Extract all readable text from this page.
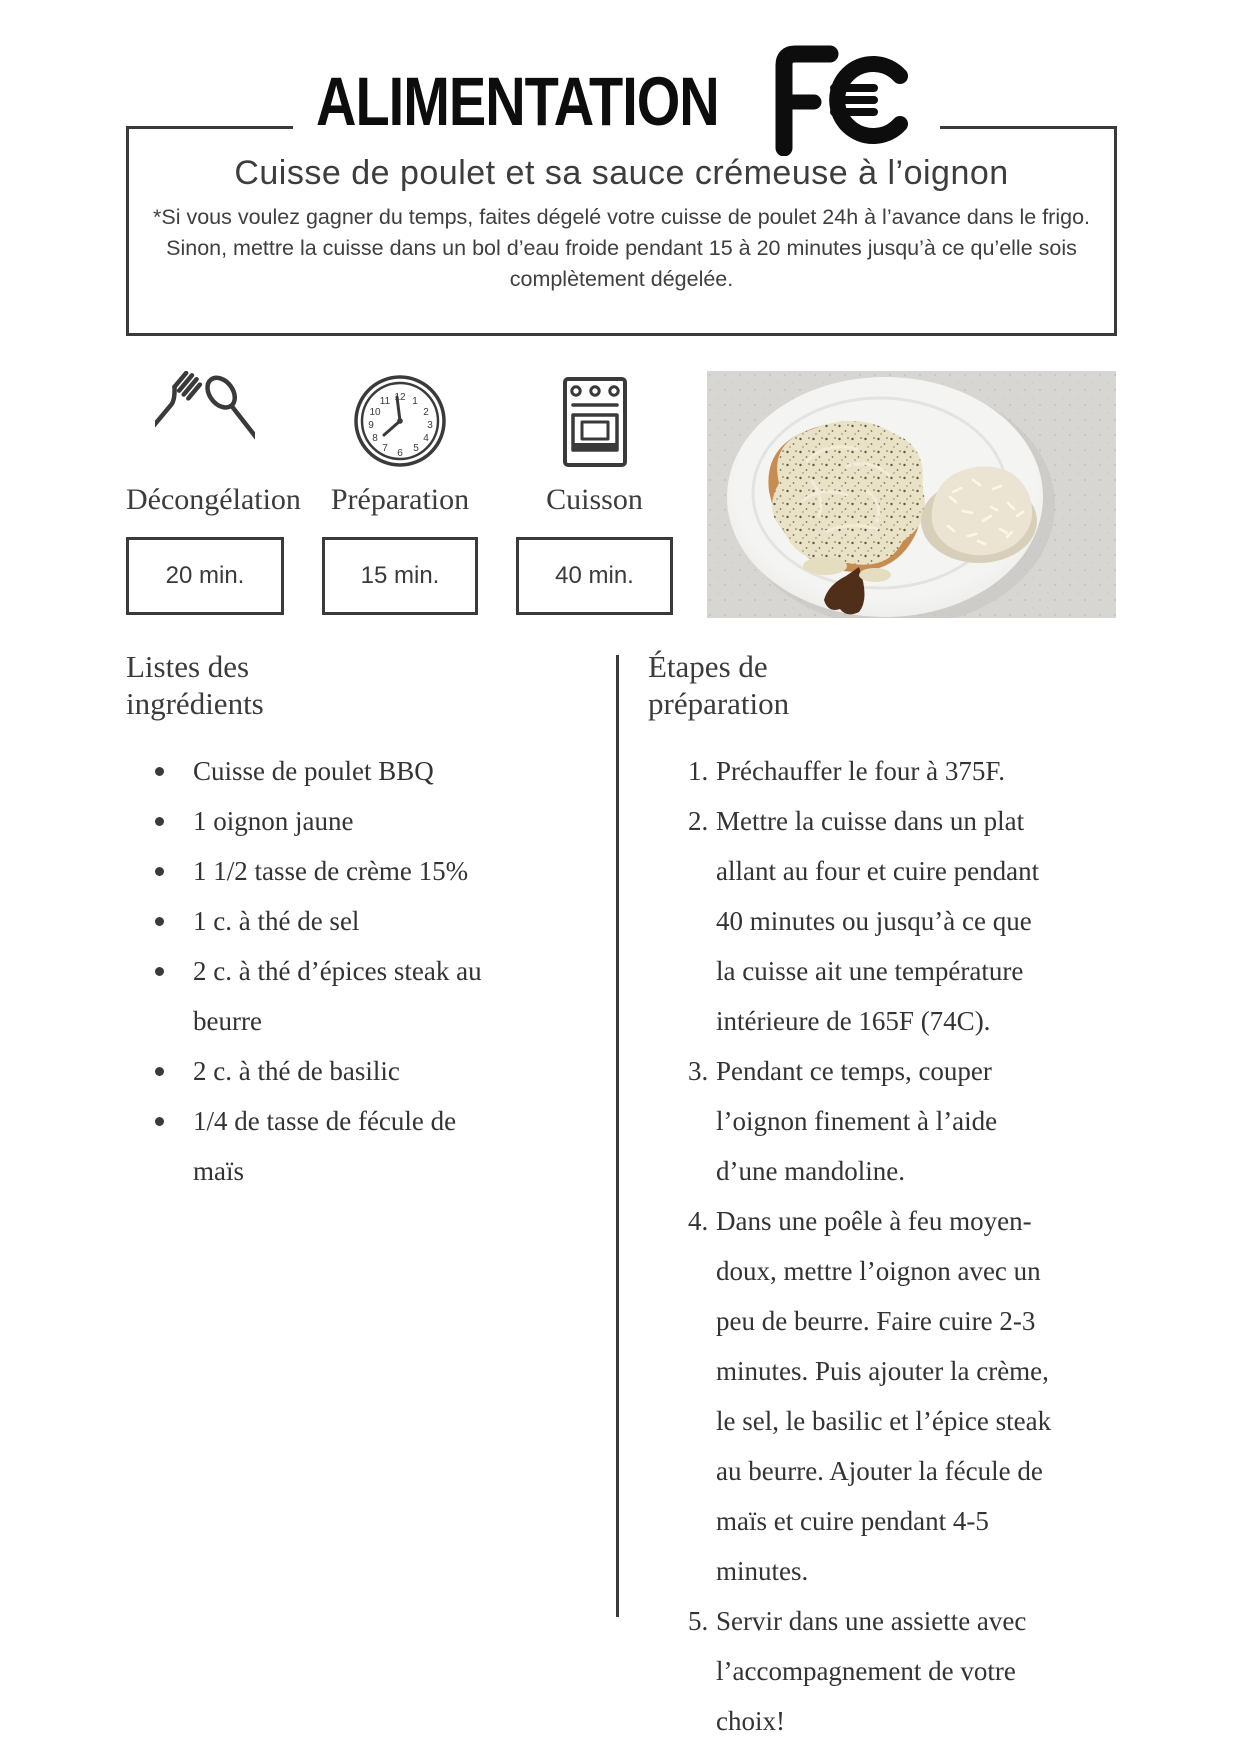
ALIMENTATION
Cuisse de poulet et sa sauce crémeuse à l’oignon

*Si vous voulez gagner du temps, faites dégelé votre cuisse de poulet 24h à l’avance dans le frigo. Sinon, mettre la cuisse dans un bol d’eau froide pendant 15 à 20 minutes jusqu’à ce qu’elle sois complètement dégelée.

Décongélation
20 min.
12 1
2
3
4
5
6
7
8
9
10
11
Préparation
15 min.
Cuisson
40 min.
Listes des ingrédients
Étapes de préparation
Cuisse de poulet BBQ
1 oignon jaune
1 1/2 tasse de crème 15%
1 c. à thé de sel
2 c. à thé d’épices steak au beurre
2 c. à thé de basilic
1/4 de tasse de fécule de maïs
1. Préchauffer le four à 375F.
2. Mettre la cuisse dans un plat allant au four et cuire pendant 40 minutes ou jusqu’à ce que la cuisse ait une température intérieure de 165F (74C).
3. Pendant ce temps, couper l’oignon finement à l’aide d’une mandoline.
4. Dans une poêle à feu moyen-doux, mettre l’oignon avec un peu de beurre. Faire cuire 2-3 minutes. Puis ajouter la crème, le sel, le basilic et l’épice steak au beurre. Ajouter la fécule de maïs et cuire pendant 4-5 minutes.
5. Servir dans une assiette avec l’accompagnement de votre choix!
